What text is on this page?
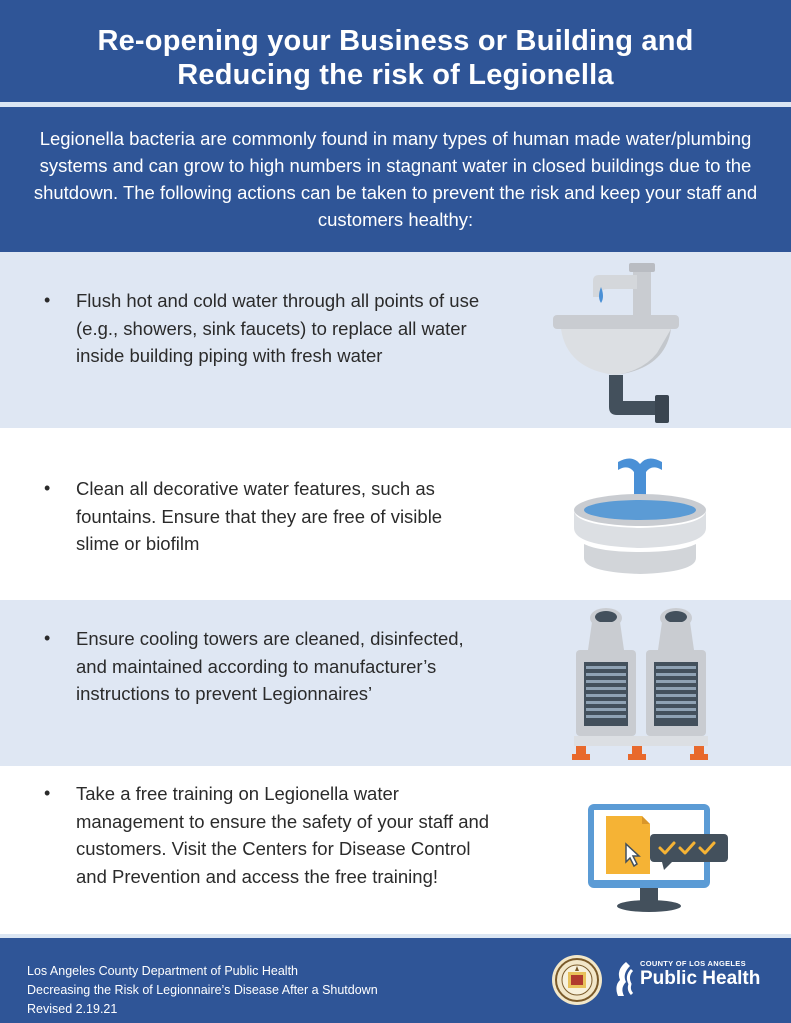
Re-opening your Business or Building and
Reducing the risk of Legionella

Legionella bacteria are commonly found in many types of human made water/plumbing systems and can grow to high numbers in stagnant water in closed buildings due to the shutdown. The following actions can be taken to prevent the risk and keep your staff and customers healthy:

•	Flush hot and cold water through all points of use (e.g., showers, sink faucets) to replace all water inside building piping with fresh water
•	Clean all decorative water features, such as fountains. Ensure that they are free of visible slime or biofilm
•	Ensure cooling towers are cleaned, disinfected, and maintained according to manufacturer’s instructions to prevent Legionnaires’
•	Take a free training on Legionella water management to ensure the safety of your staff and customers. Visit the Centers for Disease Control and Prevention and access the free training!
Los Angeles County Department of Public Health
Decreasing the Risk of Legionnaire’s Disease After a Shutdown
Revised 2.19.21
COUNTY OF LOS ANGELES
Public Health
